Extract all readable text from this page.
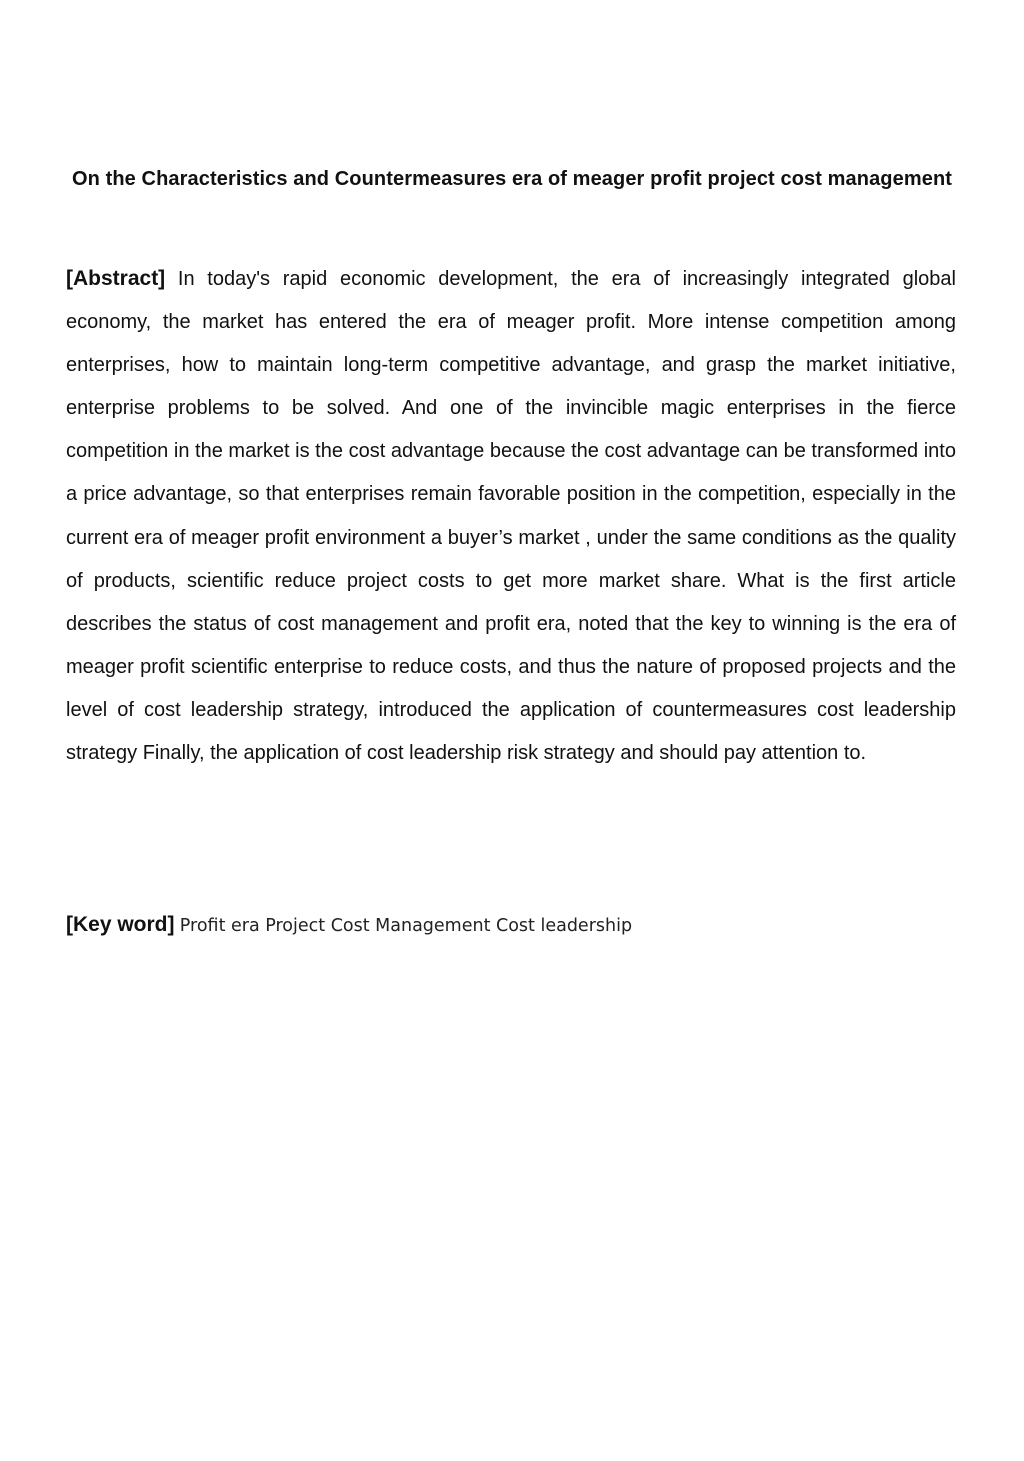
On the Characteristics and Countermeasures era of meager profit project cost management

[Abstract] In today's rapid economic development, the era of increasingly integrated global economy, the market has entered the era of meager profit. More intense competition among enterprises, how to maintain long-term competitive advantage, and grasp the market initiative, enterprise problems to be solved. And one of the invincible magic enterprises in the fierce competition in the market is the cost advantage because the cost advantage can be transformed into a price advantage, so that enterprises remain favorable position in the competition, especially in the current era of meager profit environment a buyer’s market , under the same conditions as the quality of products, scientific reduce project costs to get more market share. What is the first article describes the status of cost management and profit era, noted that the key to winning is the era of meager profit scientific enterprise to reduce costs, and thus the nature of proposed projects and the level of cost leadership strategy, introduced the application of countermeasures cost leadership strategy Finally, the application of cost leadership risk strategy and should pay attention to.

[Key word] Profit era Project Cost Management Cost leadership
